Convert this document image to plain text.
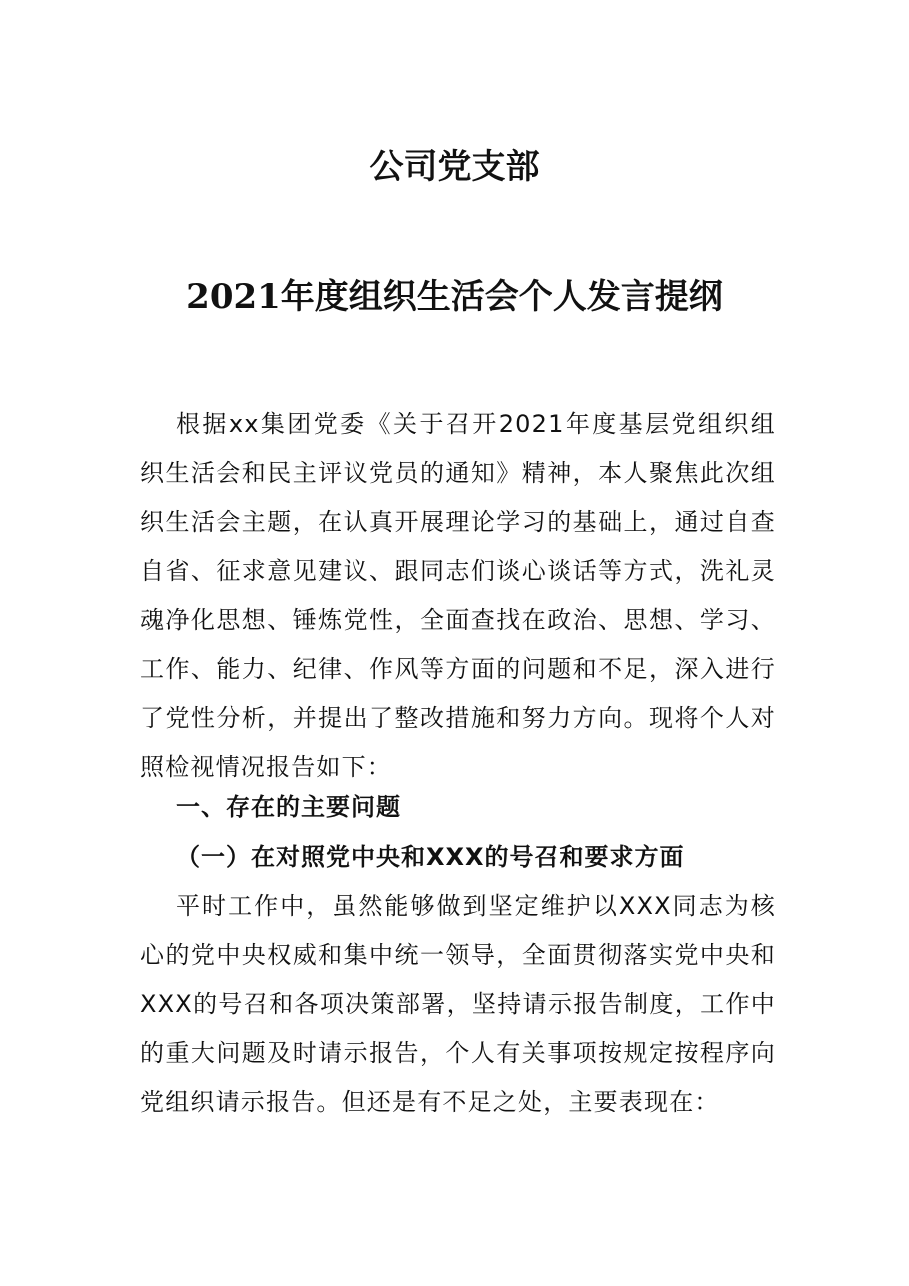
公司党支部
2021年度组织生活会个人发言提纲

根据xx集团党委《关于召开2021年度基层党组织组织生活会和民主评议党员的通知》精神，本人聚焦此次组织生活会主题，在认真开展理论学习的基础上，通过自查自省、征求意见建议、跟同志们谈心谈话等方式，洗礼灵魂净化思想、锤炼党性，全面查找在政治、思想、学习、工作、能力、纪律、作风等方面的问题和不足，深入进行了党性分析，并提出了整改措施和努力方向。现将个人对照检视情况报告如下：

一、存在的主要问题
（一）在对照党中央和XXX的号召和要求方面

平时工作中，虽然能够做到坚定维护以XXX同志为核心的党中央权威和集中统一领导，全面贯彻落实党中央和XXX的号召和各项决策部署，坚持请示报告制度，工作中的重大问题及时请示报告，个人有关事项按规定按程序向党组织请示报告。但还是有不足之处，主要表现在：
